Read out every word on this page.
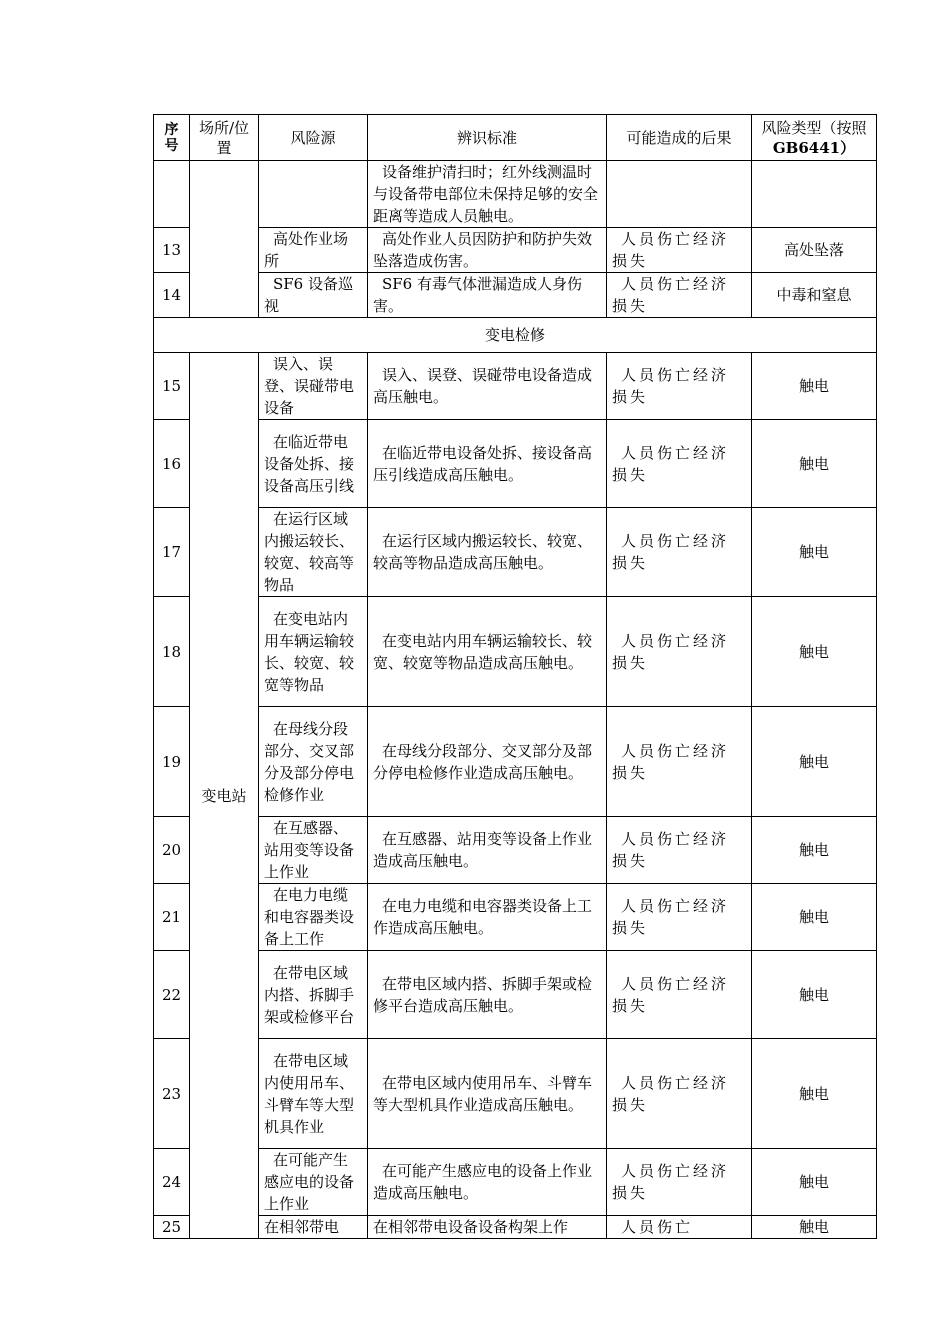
序号	场所/位置	风险源	辨识标准	可能造成的后果	风险类型（按照GB6441）
			设备维护清扫时；红外线测温时与设备带电部位未保持足够的安全距离等造成人员触电。		
13		高处作业场所	高处作业人员因防护和防护失效坠落造成伤害。	人员伤亡经济损失	高处坠落
14		SF6 设备巡视	SF6 有毒气体泄漏造成人身伤害。	人员伤亡经济损失	中毒和窒息
变电检修					
15	变电站	误入、误登、误碰带电设备	误入、误登、误碰带电设备造成高压触电。	人员伤亡经济损失	触电
16		在临近带电设备处拆、接设备高压引线	在临近带电设备处拆、接设备高压引线造成高压触电。	人员伤亡经济损失	触电
17		在运行区域内搬运较长、较宽、较高等物品	在运行区域内搬运较长、较宽、较高等物品造成高压触电。	人员伤亡经济损失	触电
18		在变电站内用车辆运输较长、较宽、较宽等物品	在变电站内用车辆运输较长、较宽、较宽等物品造成高压触电。	人员伤亡经济损失	触电
19		在母线分段部分、交叉部分及部分停电检修作业	在母线分段部分、交叉部分及部分停电检修作业造成高压触电。	人员伤亡经济损失	触电
20		在互感器、站用变等设备上作业	在互感器、站用变等设备上作业造成高压触电。	人员伤亡经济损失	触电
21		在电力电缆和电容器类设备上工作	在电力电缆和电容器类设备上工作造成高压触电。	人员伤亡经济损失	触电
22		在带电区域内搭、拆脚手架或检修平台	在带电区域内搭、拆脚手架或检修平台造成高压触电。	人员伤亡经济损失	触电
23		在带电区域内使用吊车、斗臂车等大型机具作业	在带电区域内使用吊车、斗臂车等大型机具作业造成高压触电。	人员伤亡经济损失	触电
24		在可能产生感应电的设备上作业	在可能产生感应电的设备上作业造成高压触电。	人员伤亡经济损失	触电
25		在相邻带电	在相邻带电设备设备构架上作	人员伤亡	触电
